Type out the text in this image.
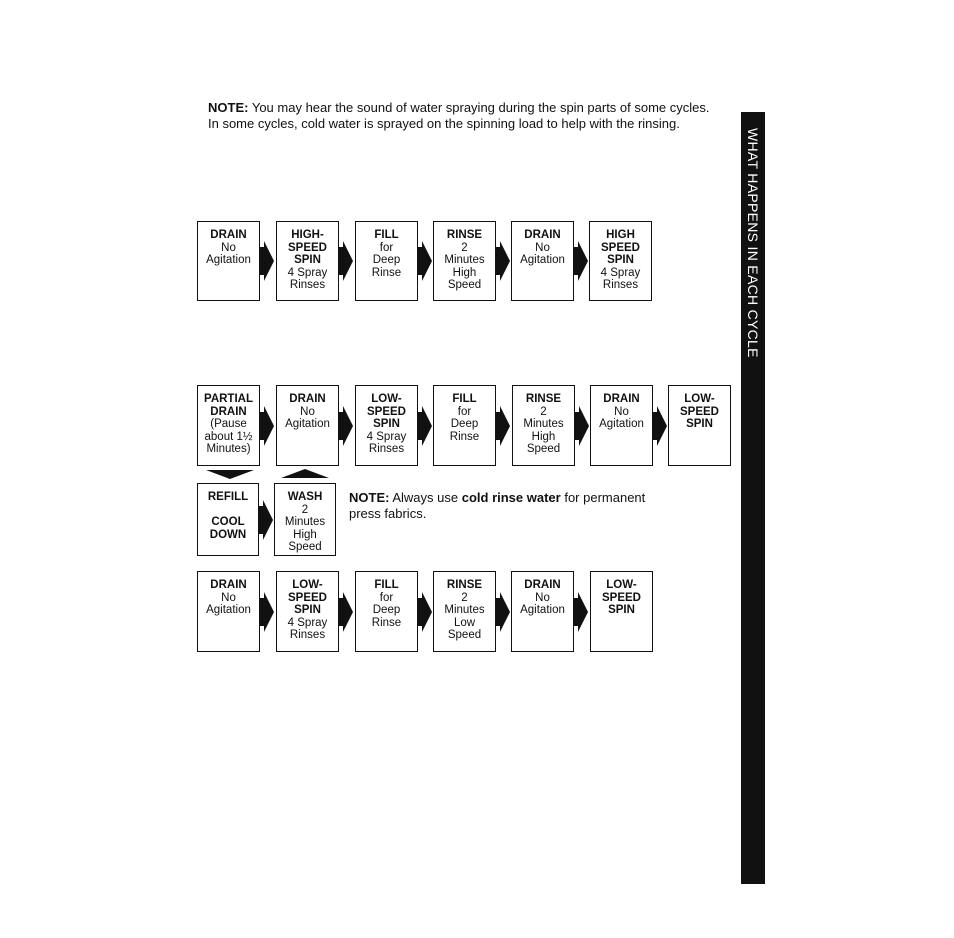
NOTE: You may hear the sound of water spraying during the spin parts of some cycles. In some cycles, cold water is sprayed on the spinning load to help with the rinsing.
WHAT HAPPENS IN EACH CYCLE
NOTE: Always use cold rinse water for permanent press fabrics.
DRAIN
No
Agitation
HIGH-
SPEED
SPIN
4 Spray
Rinses
FILL
for
Deep
Rinse
RINSE
2
Minutes
High
Speed
DRAIN
No
Agitation
HIGH
SPEED
SPIN
4 Spray
Rinses
PARTIAL
DRAIN
(Pause
about 1½
Minutes)
DRAIN
No
Agitation
LOW-
SPEED
SPIN
4 Spray
Rinses
FILL
for
Deep
Rinse
RINSE
2
Minutes
High
Speed
DRAIN
No
Agitation
LOW-
SPEED
SPIN
REFILL

COOL
DOWN
WASH
2
Minutes
High
Speed
DRAIN
No
Agitation
LOW-
SPEED
SPIN
4 Spray
Rinses
FILL
for
Deep
Rinse
RINSE
2
Minutes
Low
Speed
DRAIN
No
Agitation
LOW-
SPEED
SPIN
